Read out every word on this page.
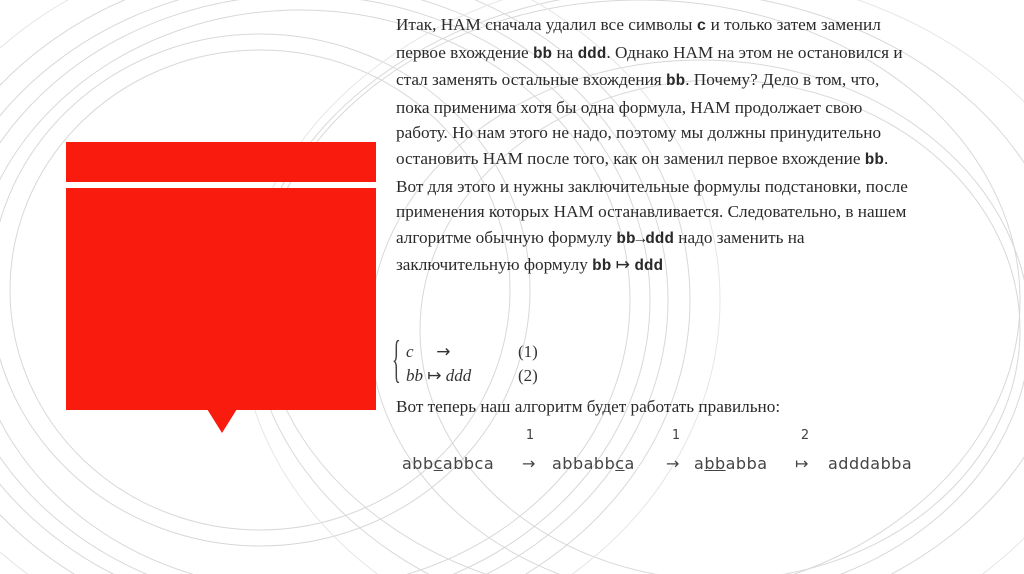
Итак, НАМ сначала удалил все символы c и только затем заменил первое вхождение bb на ddd. Однако НАМ на этом не остановился и стал заменять остальные вхождения bb. Почему? Дело в том, что, пока применима хотя бы одна формула, НАМ продолжает свою работу. Но нам этого не надо, поэтому мы должны принудительно остановить НАМ после того, как он заменил первое вхождение bb. Вот для этого и нужны заключительные формулы подстановки, после применения которых НАМ останавливается. Следовательно, в нашем алгоритме обычную формулу bb→ddd надо заменить на заключительную формулу bb ↦ ddd

{ c →	(1)
bb ↦ ddd	(2)
Вот теперь наш алгоритм будет работать правильно:
1	1	2
abbcabbca → abbabbca → abbabba ↦ adddabba
